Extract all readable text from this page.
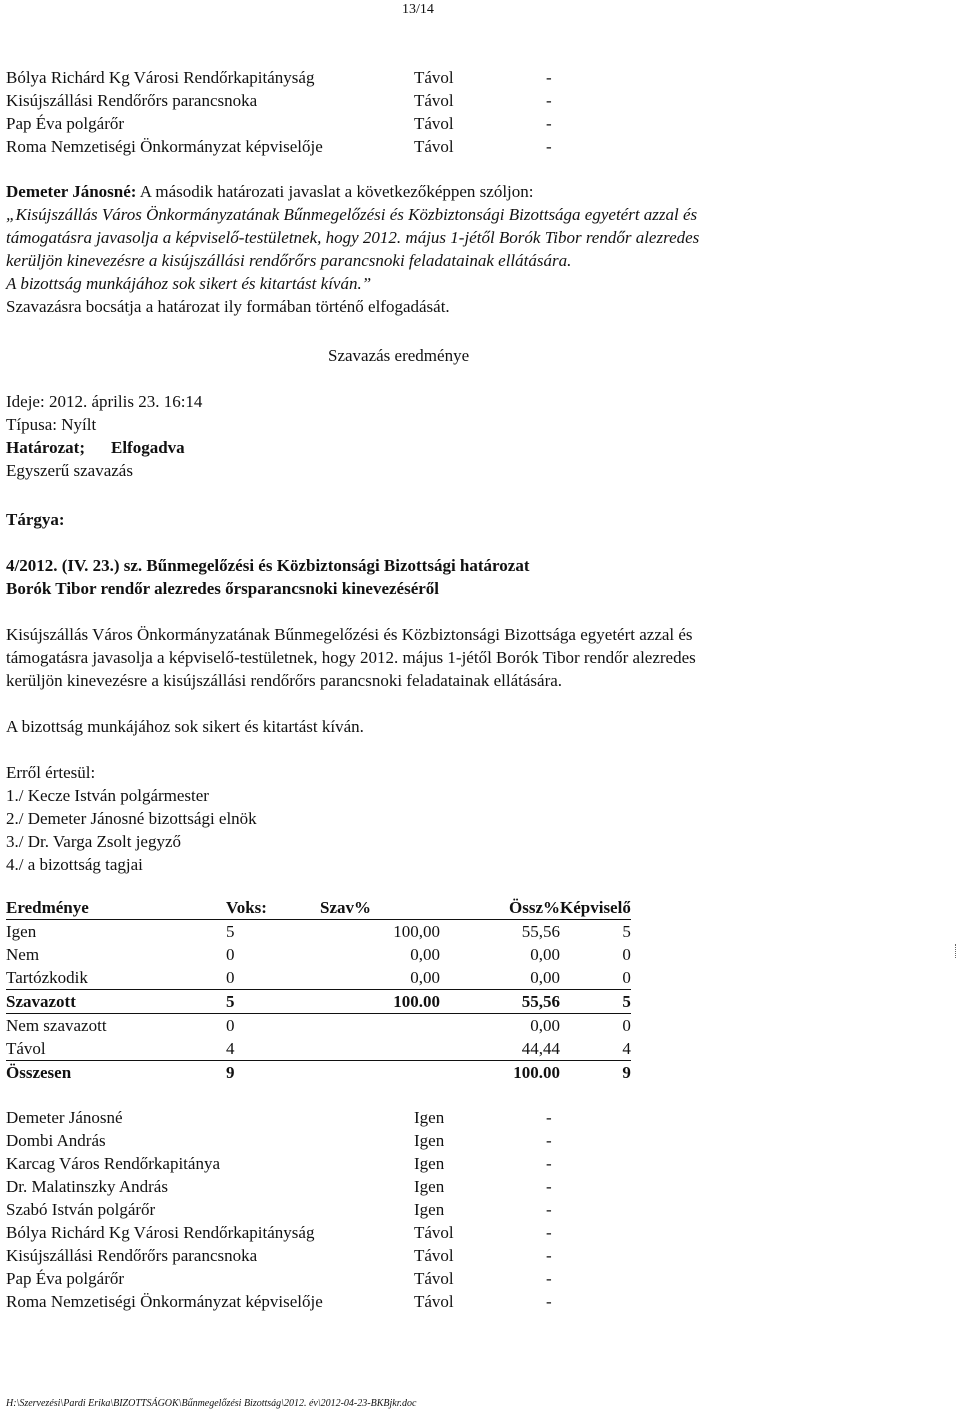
13/14
Bólya Richárd Kg Városi Rendőrkapitányság	Távol	-
Kisújszállási Rendőrőrs parancsnoka	Távol	-
Pap Éva polgárőr	Távol	-
Roma Nemzetiségi Önkormányzat képviselője	Távol	-
Demeter Jánosné: A második határozati javaslat a következőképpen szóljon:
„Kisújszállás Város Önkormányzatának Bűnmegelőzési és Közbiztonsági Bizottsága egyetért azzal és
támogatásra javasolja a képviselő-testületnek, hogy 2012. május 1-jétől Borók Tibor rendőr alezredes
kerüljön kinevezésre a kisújszállási rendőrőrs parancsnoki feladatainak ellátására.
A bizottság munkájához sok sikert és kitartást kíván.”
Szavazásra bocsátja a határozat ily formában történő elfogadását.
Szavazás eredménye
Ideje: 2012. április 23. 16:14
Típusa: Nyílt
Határozat; Elfogadva
Egyszerű szavazás
Tárgya:
4/2012. (IV. 23.) sz. Bűnmegelőzési és Közbiztonsági Bizottsági határozat
Borók Tibor rendőr alezredes őrsparancsnoki kinevezéséről
Kisújszállás Város Önkormányzatának Bűnmegelőzési és Közbiztonsági Bizottsága egyetért azzal és
támogatásra javasolja a képviselő-testületnek, hogy 2012. május 1-jétől Borók Tibor rendőr alezredes
kerüljön kinevezésre a kisújszállási rendőrőrs parancsnoki feladatainak ellátására.
A bizottság munkájához sok sikert és kitartást kíván.
Erről értesül:
1./ Kecze István polgármester
2./ Demeter Jánosné bizottsági elnök
3./ Dr. Varga Zsolt jegyző
4./ a bizottság tagjai
Eredménye	Voks:	Szav%	Össz%	Képviselő
Igen	5	100,00	55,56	5
Nem	0	0,00	0,00	0
Tartózkodik	0	0,00	0,00	0
Szavazott	5	100.00	55,56	5
Nem szavazott	0		0,00	0
Távol	4		44,44	4
Összesen	9		100.00	9
Demeter Jánosné	Igen	-
Dombi András	Igen	-
Karcag Város Rendőrkapitánya	Igen	-
Dr. Malatinszky András	Igen	-
Szabó István polgárőr	Igen	-
Bólya Richárd Kg Városi Rendőrkapitányság	Távol	-
Kisújszállási Rendőrőrs parancsnoka	Távol	-
Pap Éva polgárőr	Távol	-
Roma Nemzetiségi Önkormányzat képviselője	Távol	-
H:\Szervezési\Pardi Erika\BIZOTTSÁGOK\Bűnmegelőzési Bizottság\2012. év\2012-04-23-BKBjkr.doc
